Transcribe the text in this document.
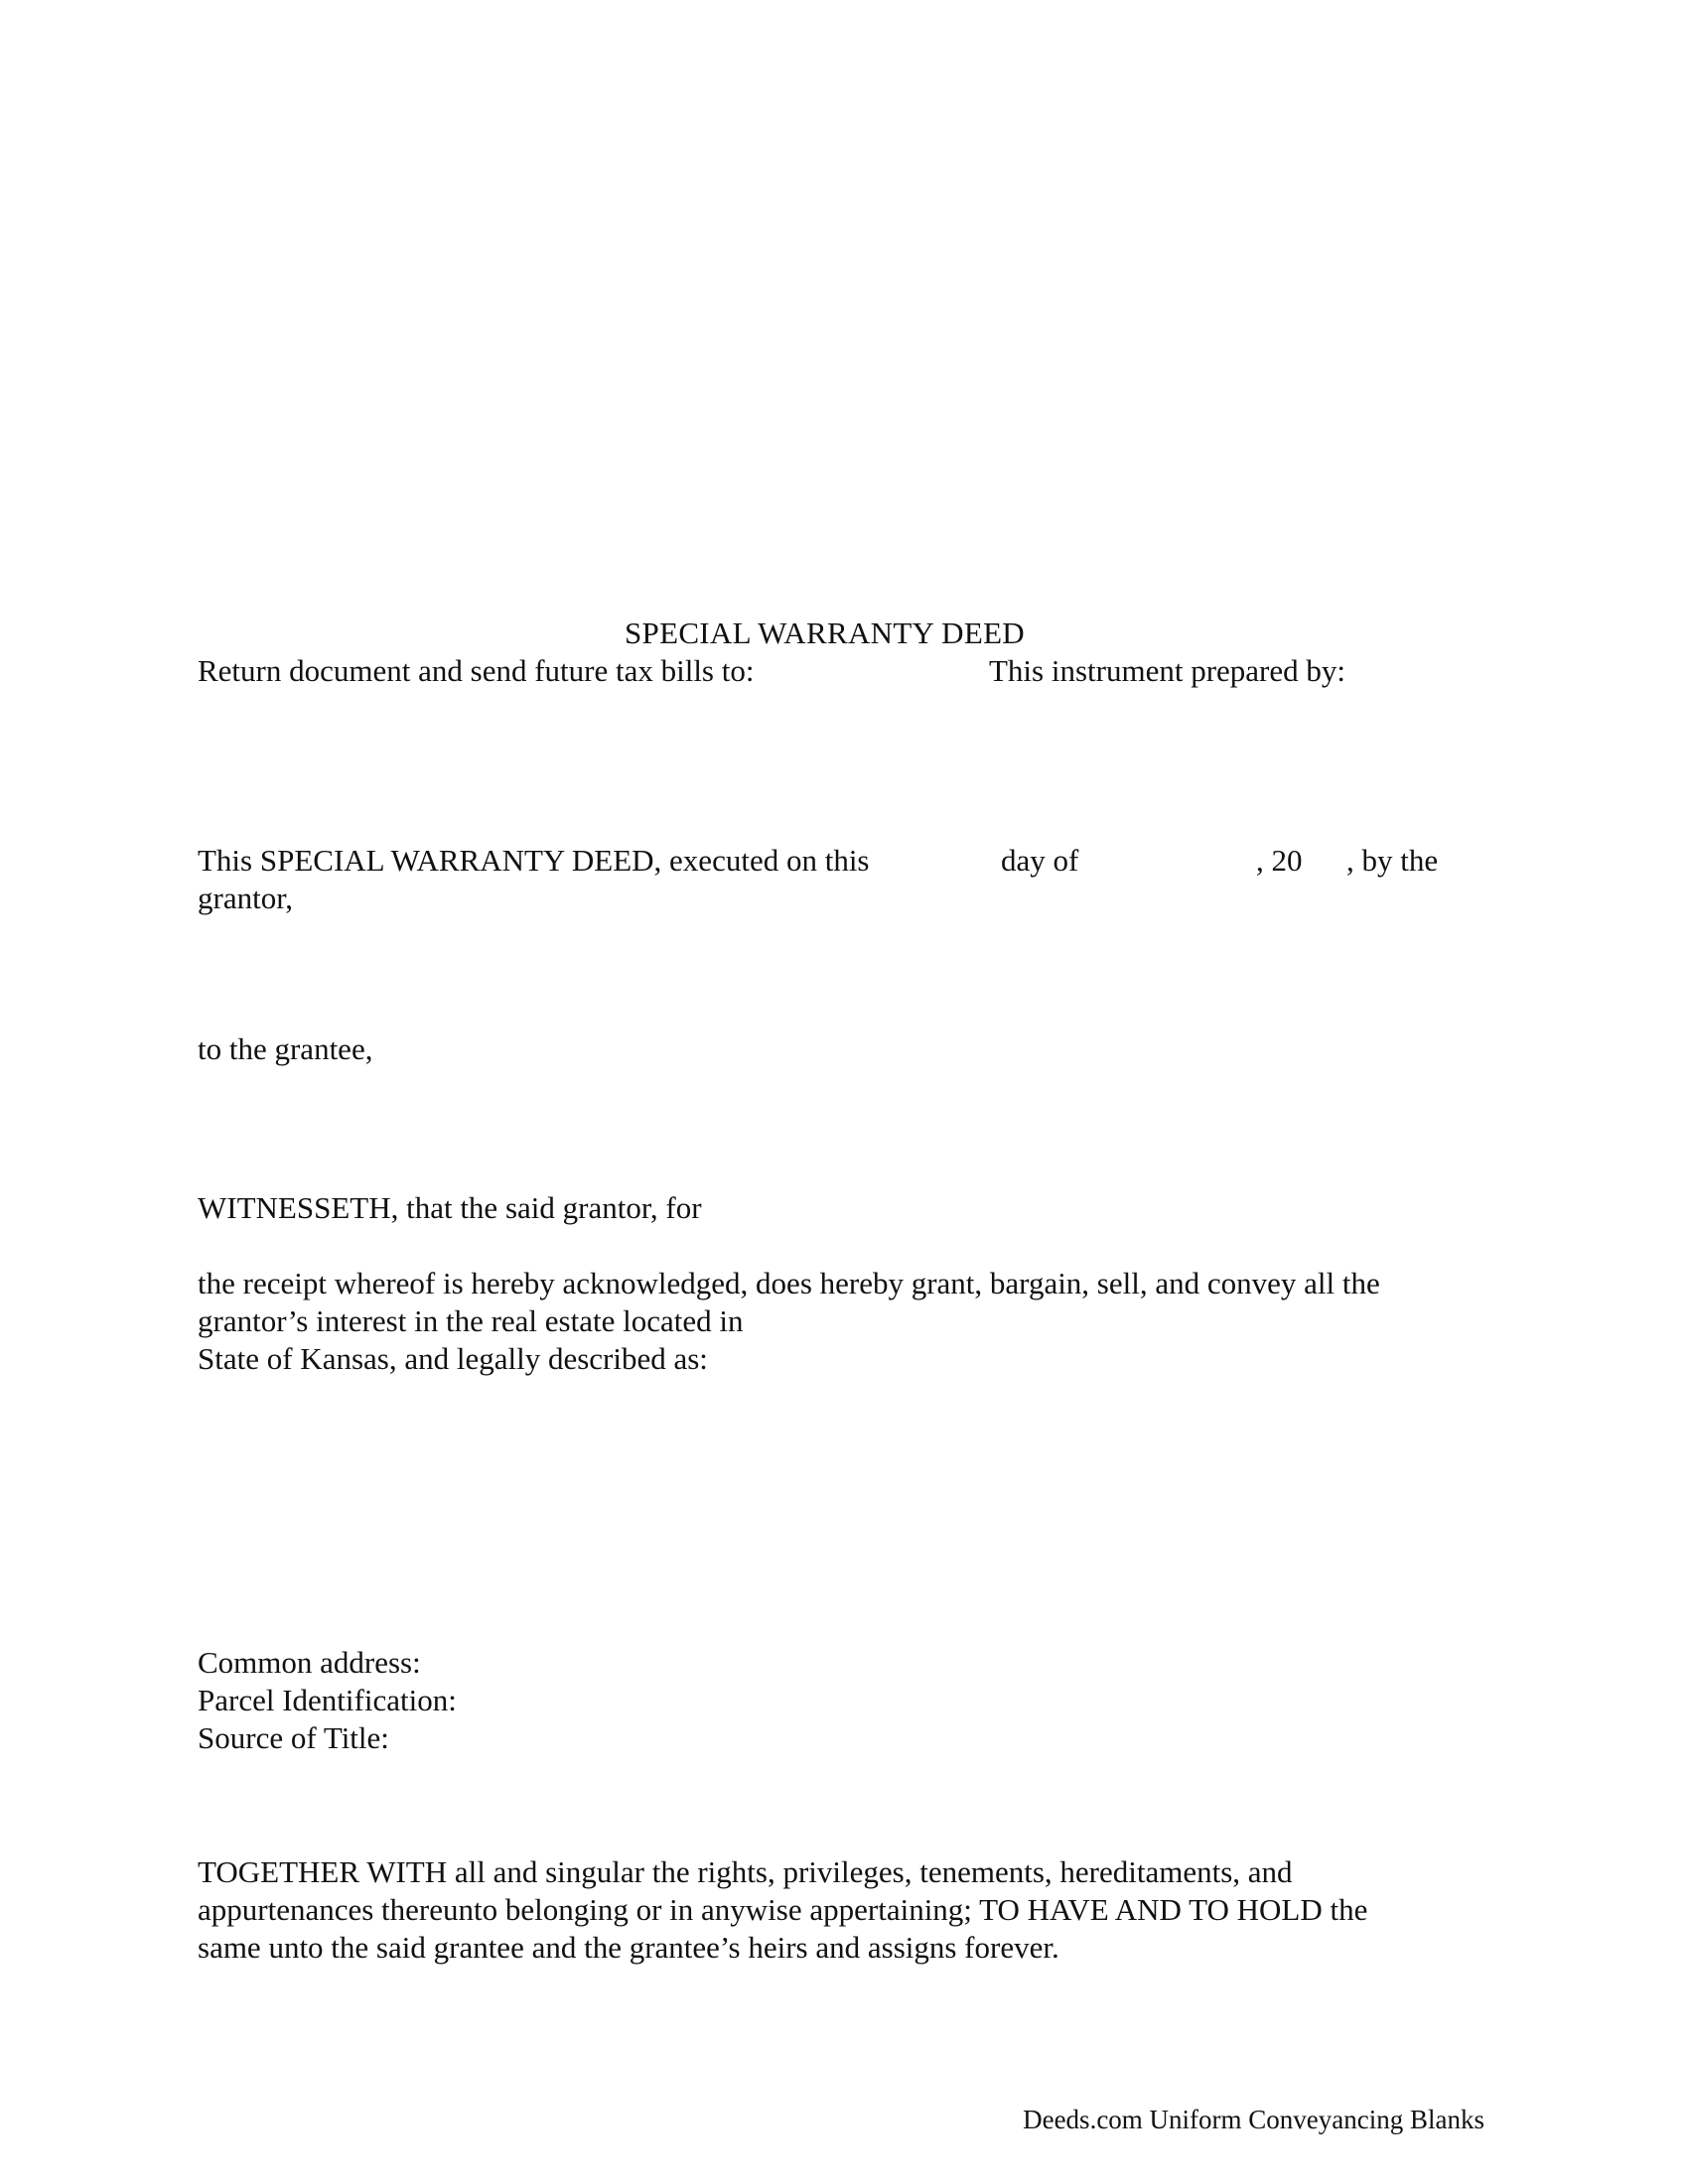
SPECIAL WARRANTY DEED
Return document and send future tax bills to:	This instrument prepared by:
This SPECIAL WARRANTY DEED, executed on this	day of	, 20 , by the
grantor,
to the grantee,
WITNESSETH, that the said grantor, for
the receipt whereof is hereby acknowledged, does hereby grant, bargain, sell, and convey all the
grantor’s interest in the real estate located in
State of Kansas, and legally described as:
Common address:
Parcel Identification:
Source of Title:
TOGETHER WITH all and singular the rights, privileges, tenements, hereditaments, and
appurtenances thereunto belonging or in anywise appertaining; TO HAVE AND TO HOLD the
same unto the said grantee and the grantee’s heirs and assigns forever.
Deeds.com Uniform Conveyancing Blanks
